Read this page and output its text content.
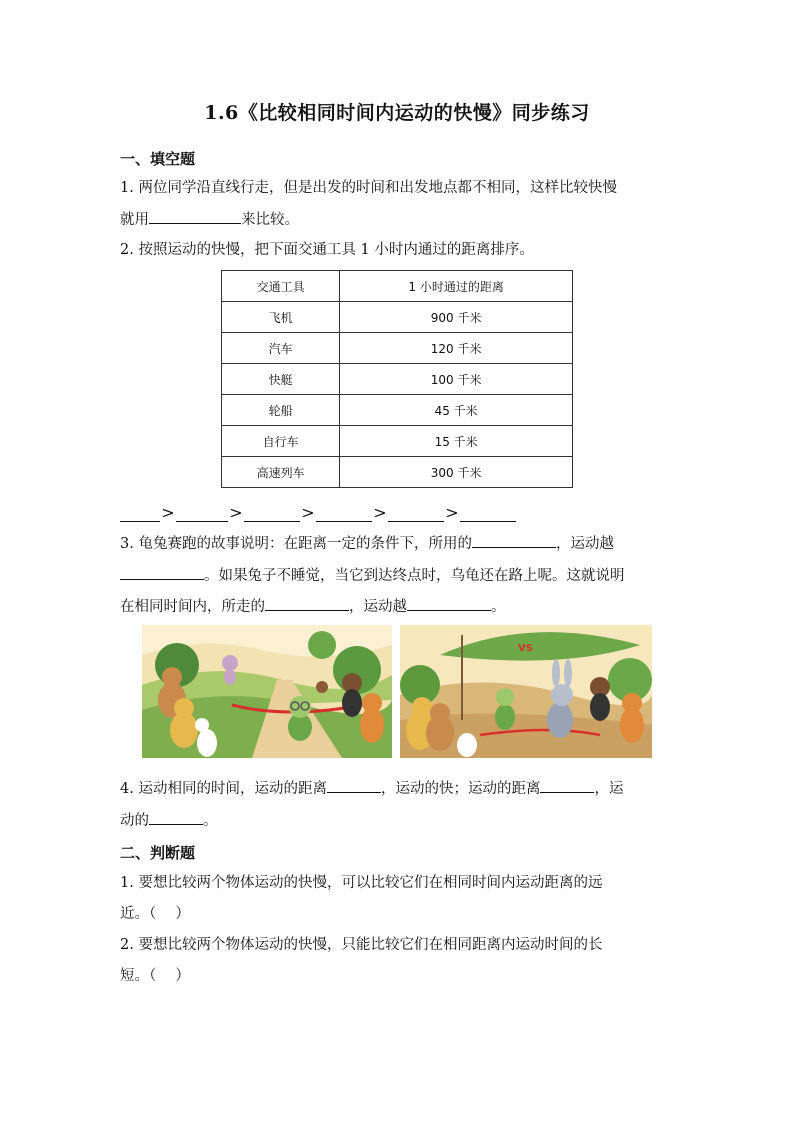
1.6《比较相同时间内运动的快慢》同步练习
一、填空题
1. 两位同学沿直线行走，但是出发的时间和出发地点都不相同，这样比较快慢
就用	来比较。
2. 按照运动的快慢，把下面交通工具 1 小时内通过的距离排序。
交通工具	1 小时通过的距离
飞机	900 千米
汽车	120 千米
快艇	100 千米
轮船	45 千米
自行车	15 千米
高速列车	300 千米
>	>	>	>	>
3. 龟兔赛跑的故事说明：在距离一定的条件下，所用的	，运动越
。如果兔子不睡觉，当它到达终点时，乌龟还在路上呢。这就说明
在相同时间内，所走的	，运动越	。
VS
4. 运动相同的时间，运动的距离	，运动的快；运动的距离	，运
动的	。
二、判断题
1. 要想比较两个物体运动的快慢，可以比较它们在相同时间内运动距离的远
近。（　 ）
2. 要想比较两个物体运动的快慢，只能比较它们在相同距离内运动时间的长
短。（　 ）
